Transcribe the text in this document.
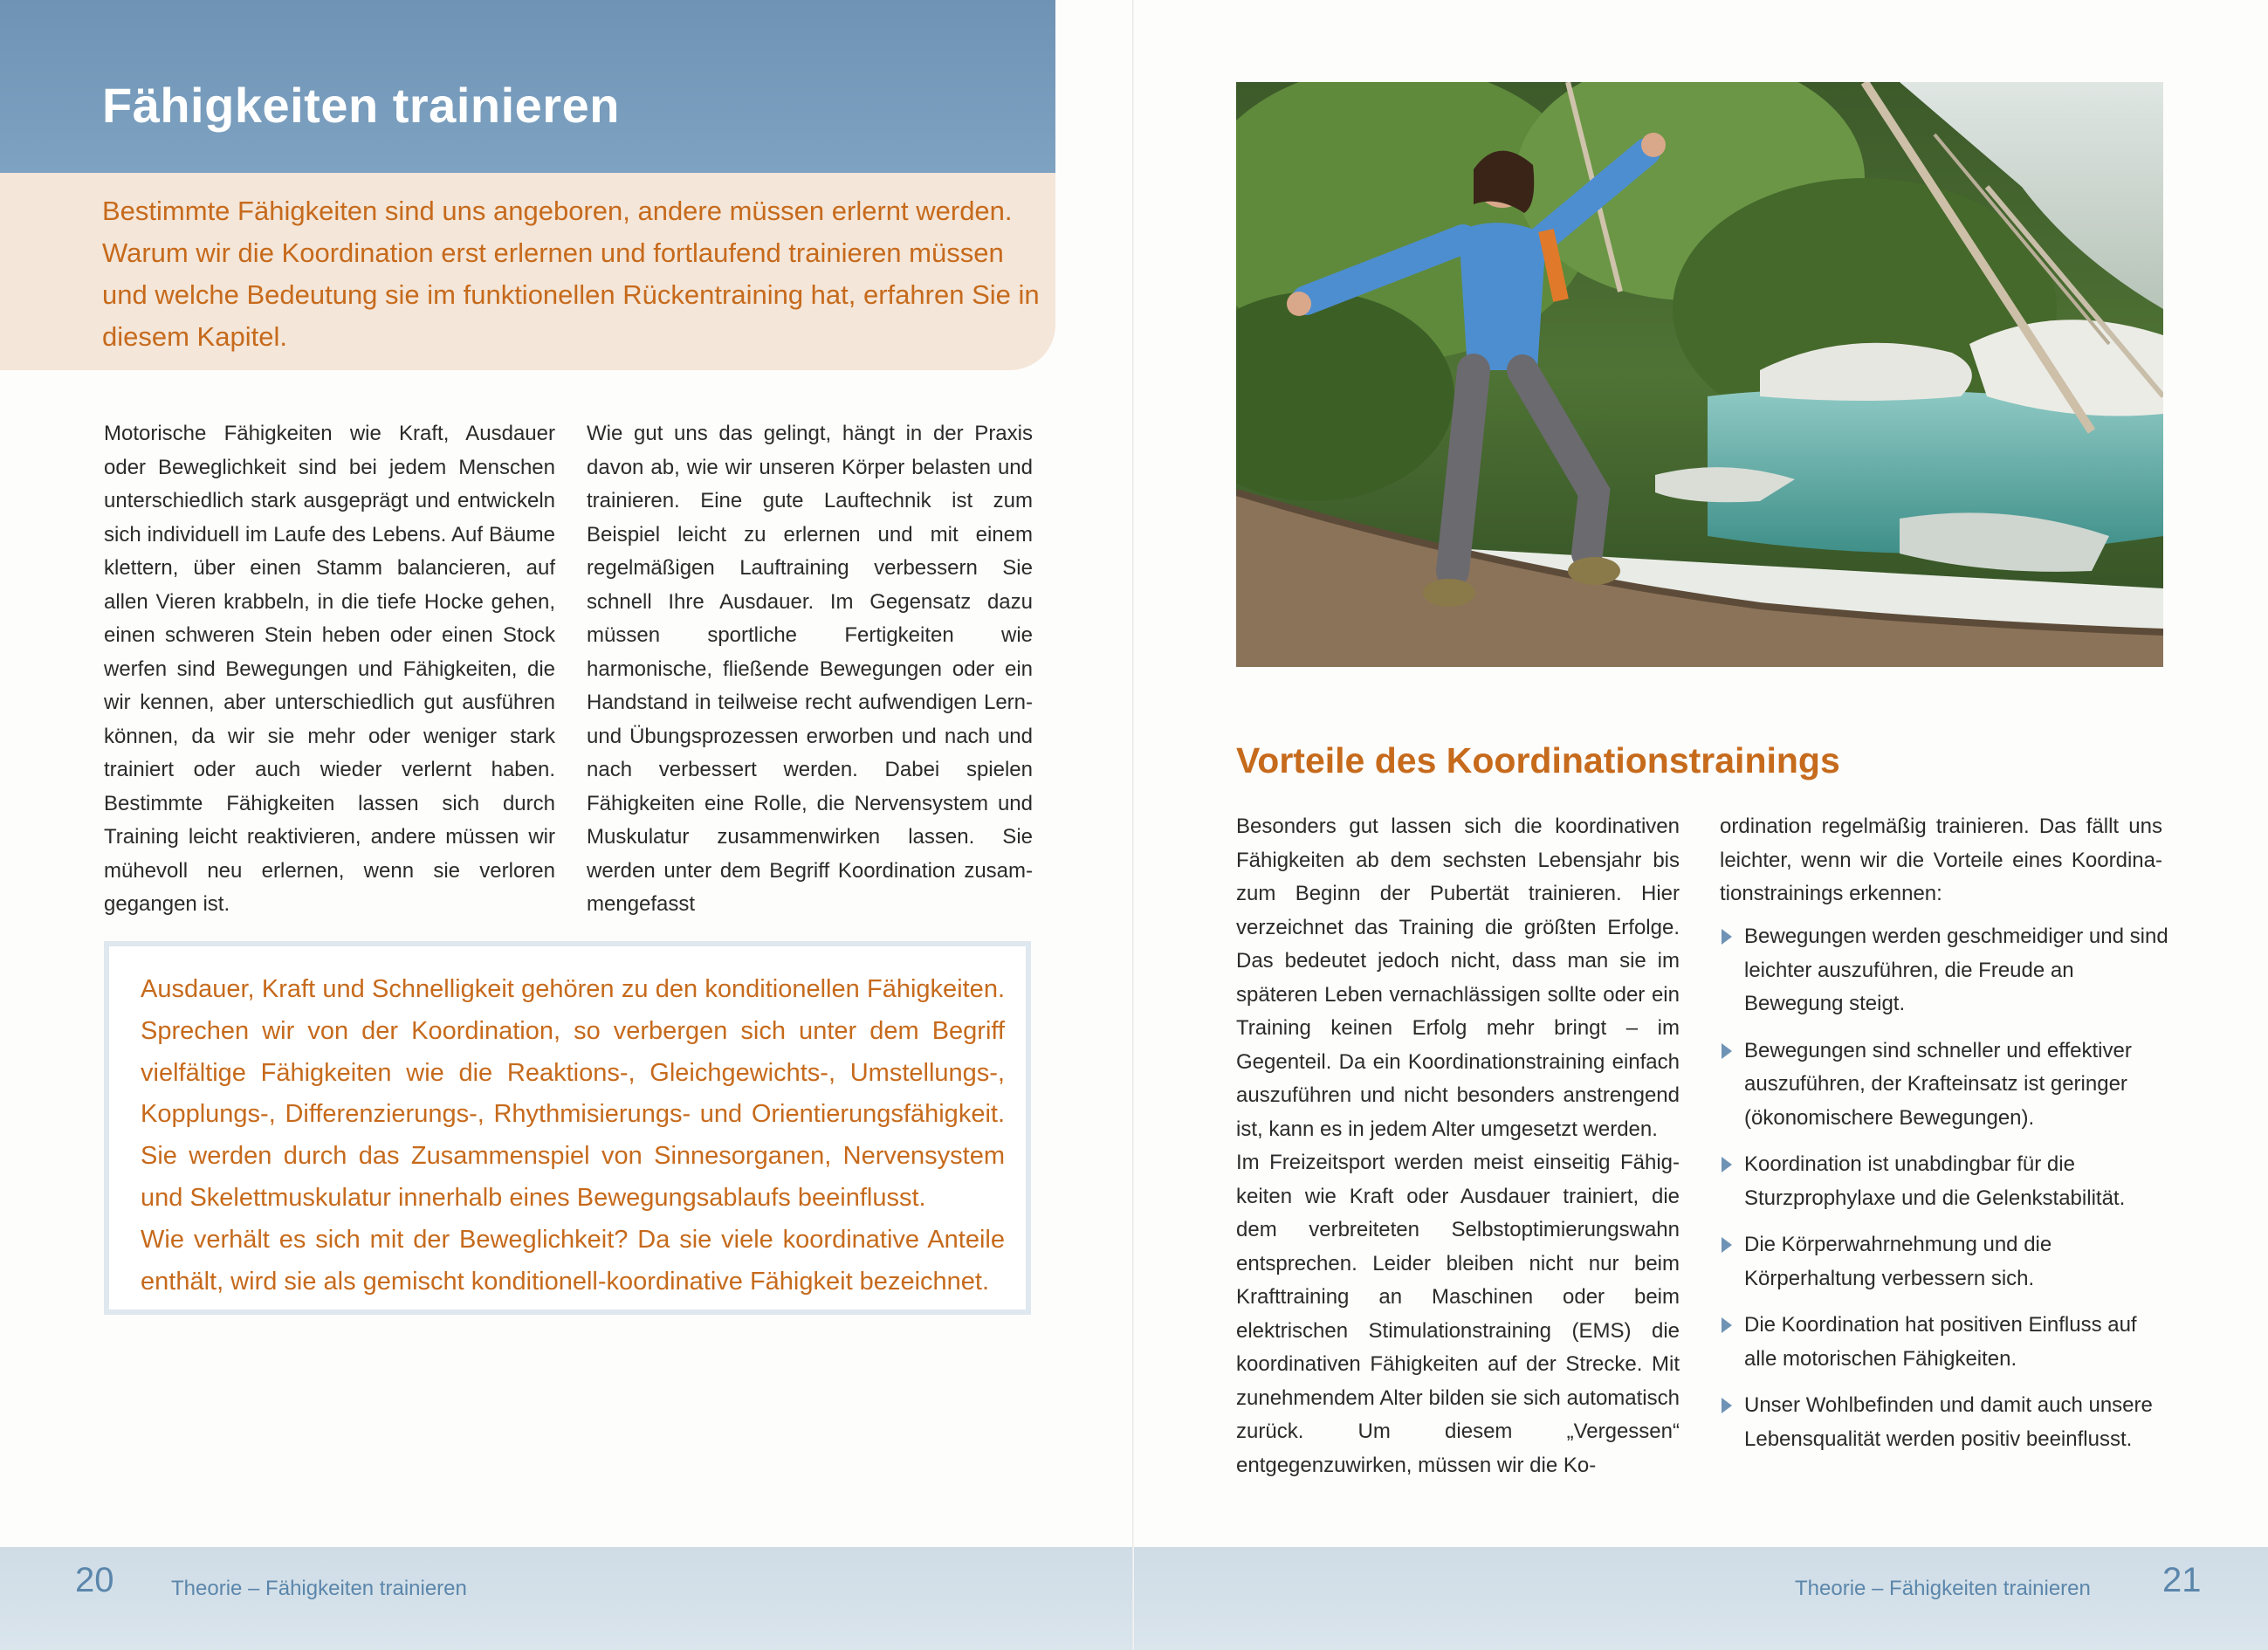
Fähigkeiten trainieren

Bestimmte Fähigkeiten sind uns angeboren, andere müssen erlernt werden. Warum wir die Koordination erst erlernen und fortlaufend trainieren müssen und welche Bedeutung sie im funktionellen Rückentraining hat, erfahren Sie in diesem Kapitel.

Motorische Fähigkeiten wie Kraft, Ausdauer oder Beweglichkeit sind bei jedem Menschen unterschiedlich stark ausgeprägt und entwickeln sich individuell im Laufe des Lebens. Auf Bäume klettern, über einen Stamm balancieren, auf allen Vieren krabbeln, in die tiefe Hocke gehen, einen schweren Stein heben oder einen Stock werfen sind Bewegungen und Fähigkeiten, die wir kennen, aber unterschiedlich gut ausführen können, da wir sie mehr oder weniger stark trainiert oder auch wieder verlernt haben. Bestimmte Fähigkeiten lassen sich durch Training leicht reaktivieren, andere müssen wir mühevoll neu erlernen, wenn sie verloren gegangen ist.

Wie gut uns das gelingt, hängt in der Praxis davon ab, wie wir unseren Körper belasten und trainieren. Eine gute Lauftechnik ist zum Beispiel leicht zu erlernen und mit einem regelmäßigen Lauftraining verbessern Sie schnell Ihre Ausdauer. Im Gegensatz dazu müssen sportliche Fertigkeiten wie harmonische, fließende Bewegungen oder ein Handstand in teilweise recht aufwendigen Lern- und Übungsprozessen erworben und nach und nach verbessert werden. Dabei spielen Fähigkeiten eine Rolle, die Nervensystem und Muskulatur zusammenwirken lassen. Sie werden unter dem Begriff Koordination zusammengefasst

Ausdauer, Kraft und Schnelligkeit gehören zu den konditionellen Fähigkeiten. Sprechen wir von der Koordination, so verbergen sich unter dem Begriff vielfältige Fähigkeiten wie die Reaktions-, Gleichgewichts-, Umstellungs-, Kopplungs-, Differenzierungs-, Rhythmisierungs- und Orientierungsfähigkeit. Sie werden durch das Zusammenspiel von Sinnesorganen, Nervensystem und Skelettmuskulatur innerhalb eines Bewegungsablaufs beeinflusst.
Wie verhält es sich mit der Beweglichkeit? Da sie viele koordinative Anteile enthält, wird sie als gemischt konditionell-koordinative Fähigkeit bezeichnet.
20	Theorie – Fähigkeiten trainieren
Vorteile des Koordinationstrainings
Besonders gut lassen sich die koordinativen Fähigkeiten ab dem sechsten Lebensjahr bis zum Beginn der Pubertät trainieren. Hier verzeichnet das Training die größten Erfolge. Das bedeutet jedoch nicht, dass man sie im späteren Leben vernachlässigen sollte oder ein Training keinen Erfolg mehr bringt – im Gegenteil. Da ein Koordinationstraining einfach auszuführen und nicht besonders anstrengend ist, kann es in jedem Alter umgesetzt werden.
Im Freizeitsport werden meist einseitig Fähigkeiten wie Kraft oder Ausdauer trainiert, die dem verbreiteten Selbstoptimierungswahn entsprechen. Leider bleiben nicht nur beim Krafttraining an Maschinen oder beim elektrischen Stimulationstraining (EMS) die koordinativen Fähigkeiten auf der Strecke. Mit zunehmendem Alter bilden sie sich automatisch zurück. Um diesem „Vergessen“ entgegenzuwirken, müssen wir die Ko-

ordination regelmäßig trainieren. Das fällt uns leichter, wenn wir die Vorteile eines Koordinationstrainings erkennen:

Bewegungen werden geschmeidiger und sind leichter auszuführen, die Freude an Bewegung steigt.
Bewegungen sind schneller und effektiver auszuführen, der Krafteinsatz ist geringer (ökonomischere Bewegungen).
Koordination ist unabdingbar für die Sturzprophylaxe und die Gelenkstabilität.
Die Körperwahrnehmung und die Körperhaltung verbessern sich.
Die Koordination hat positiven Einfluss auf alle motorischen Fähigkeiten.
Unser Wohlbefinden und damit auch unsere Lebensqualität werden positiv beeinflusst.
Theorie – Fähigkeiten trainieren 21
